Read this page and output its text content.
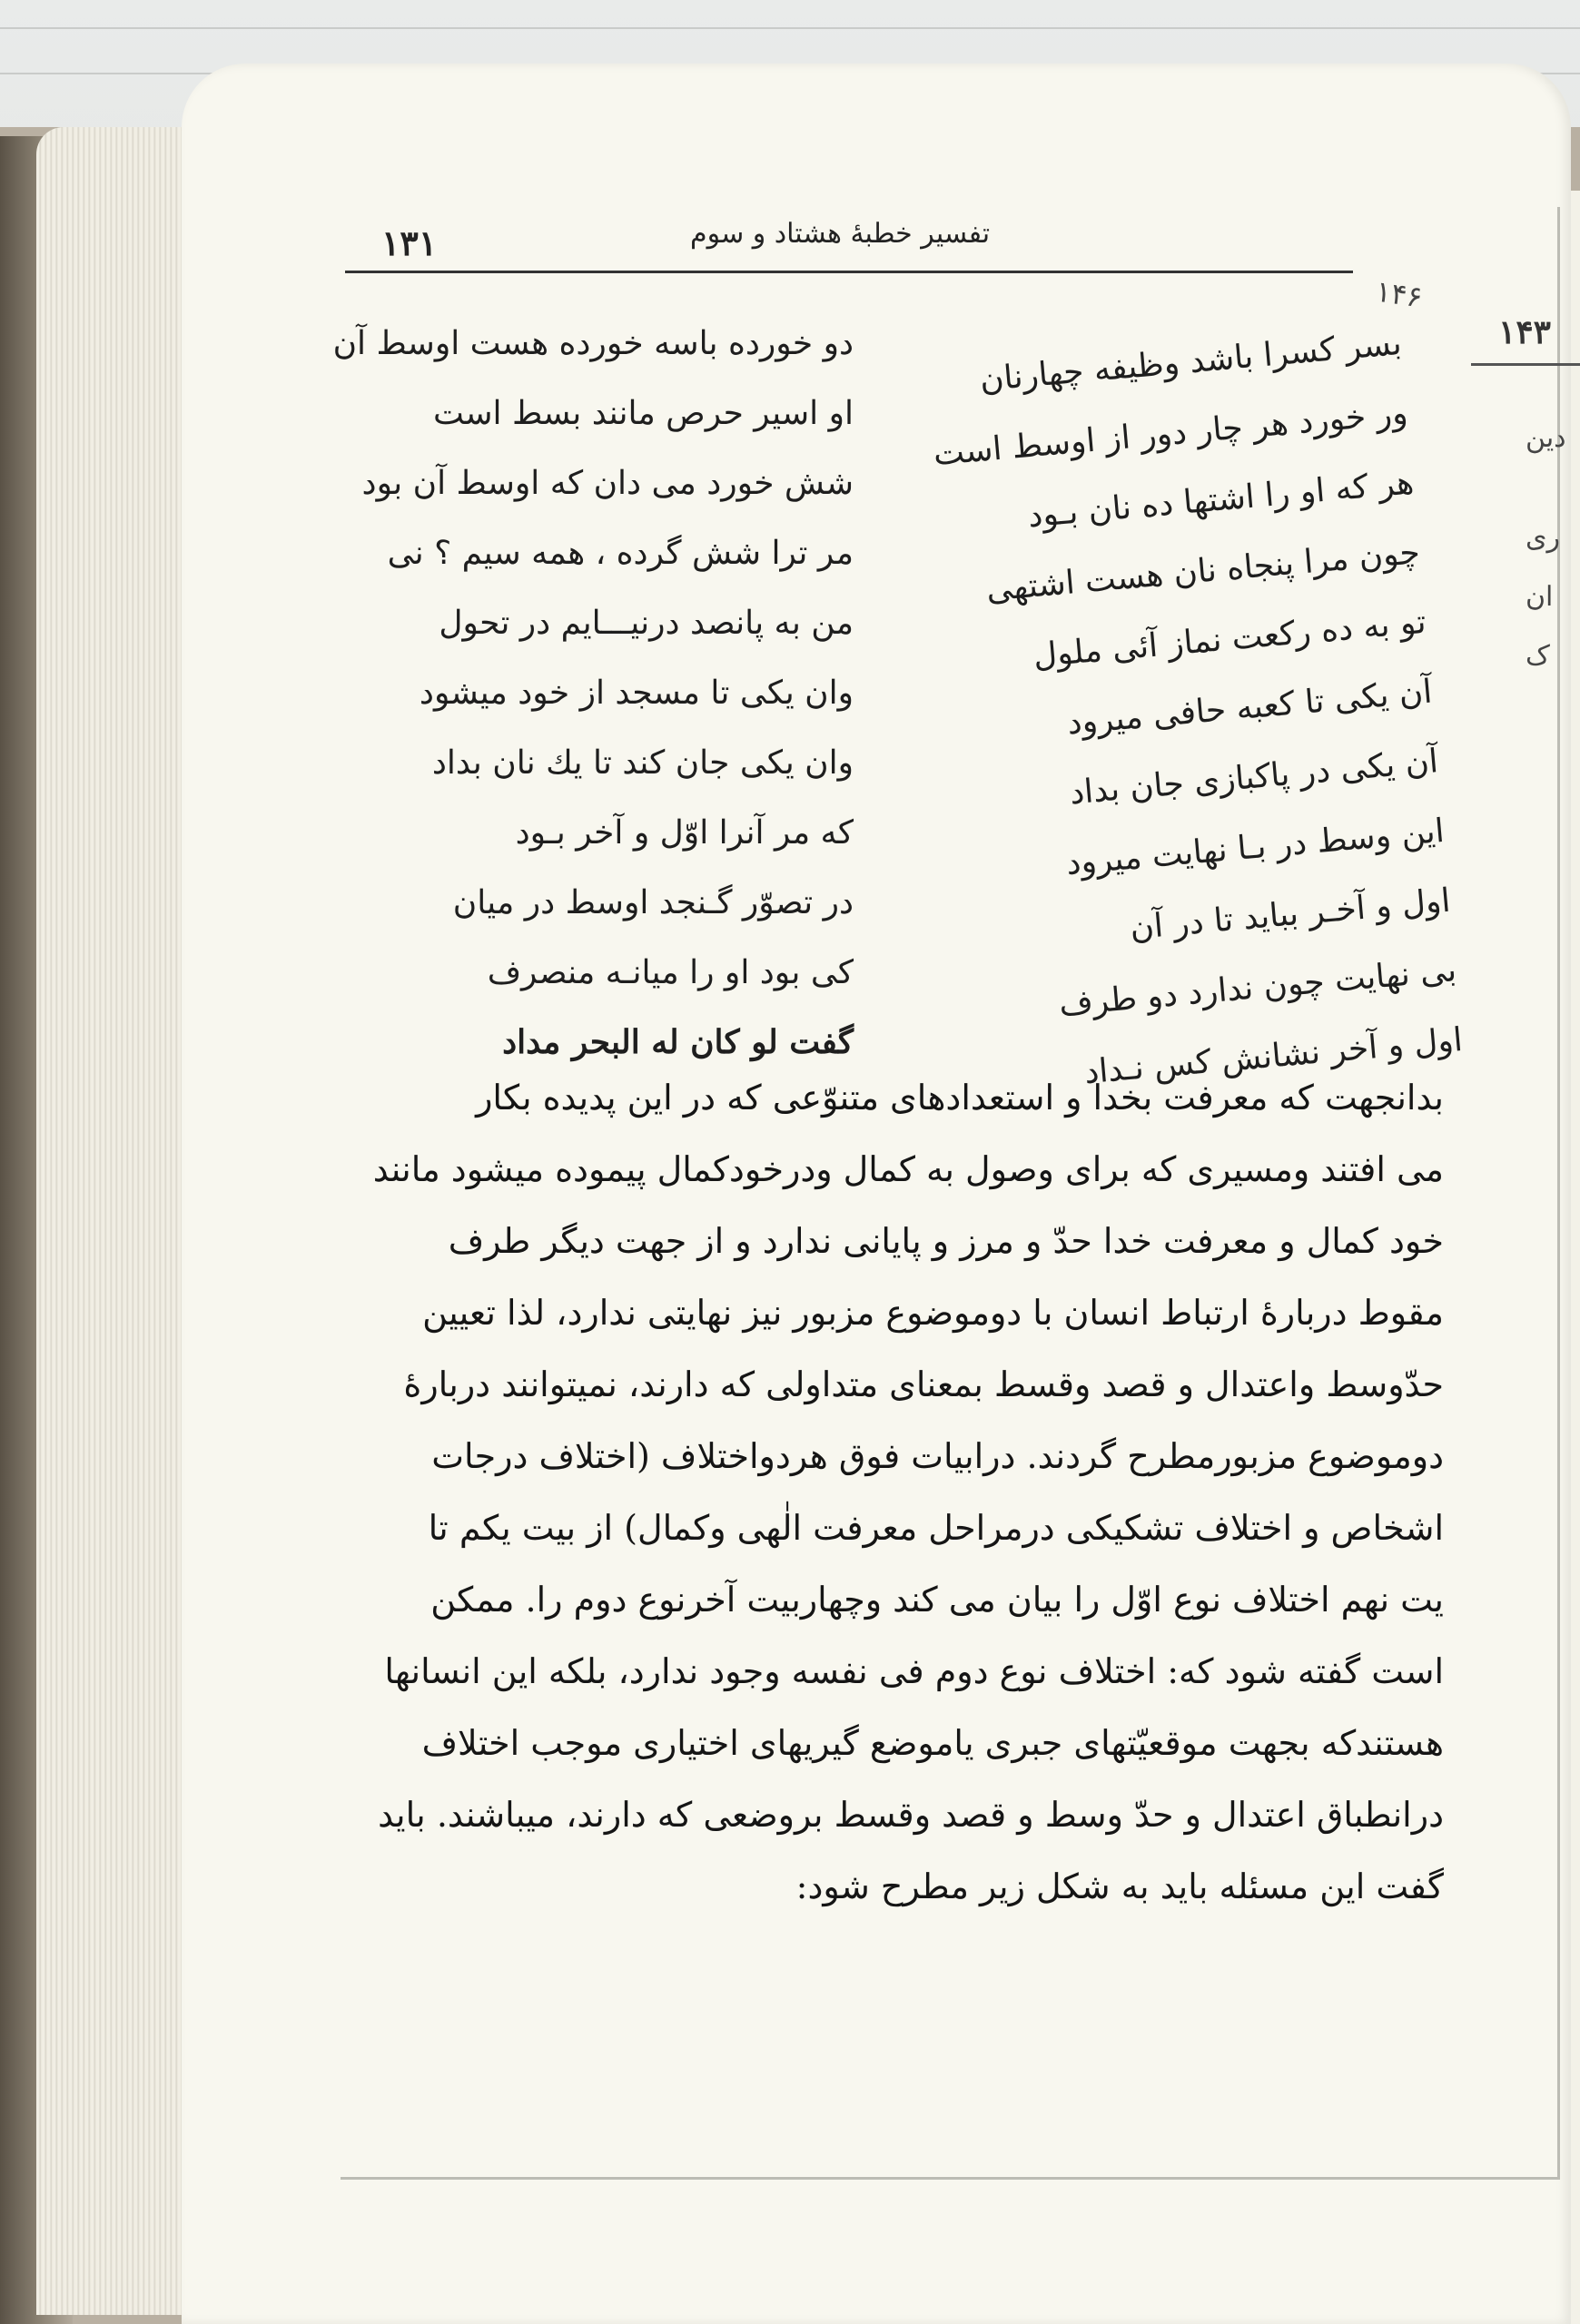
تفسير خطبهٔ هشتاد و سوم
۱۳۱
۱۴۶
۱۴۳
دين
ری
ان
ک
بسر کسرا باشد وظیفه چهارنان
ور خورد هر چار دور از اوسط است
هر که او را اشتها ده نان بـود
چون مرا پنجاه نان هست اشتهی
تو به ده رکعت نماز آئی ملول
آن یکی تا کعبه حافی میرود
آن یکی در پاکبازی جان بداد
این وسط در بـا نهایت میرود
اول و آخـر بباید تا در آن
بی نهایت چون ندارد دو طرف
اول و آخر نشانش کس نـداد
دو خورده باسه خورده هست اوسط آن
او اسیر حرص مانند بسط است
شش خورد می دان که اوسط آن بود
مر ترا شش گرده ، همه سیم ؟ نی
من به پانصد درنیـــایم در تحول
وان یکی تا مسجد از خود میشود
وان یکی جان کند تا یك نان بداد
که مر آنرا اوّل و آخر بـود
در تصوّر گـنجد اوسط در میان
کی بود او را میانـه منصرف
گفت لو کان له البحر مداد
بدانجهت که معرفت بخدا و استعدادهای متنوّعی که در این پدیده بکار
می افتند ومسیری که برای وصول به کمال ودرخودکمال پیموده میشود مانند
خود کمال و معرفت خدا حدّ و مرز و پایانی ندارد و از جهت دیگر طرف
مقوط دربارهٔ ارتباط انسان با دوموضوع مزبور نیز نهایتی ندارد، لذا تعیین
حدّوسط واعتدال و قصد وقسط بمعنای متداولی که دارند، نمیتوانند دربارهٔ
دوموضوع مزبورمطرح گردند. درابیات فوق هردواختلاف (اختلاف درجات
اشخاص و اختلاف تشکیکی درمراحل معرفت الٰهی وکمال) از بیت یکم تا
یت نهم اختلاف نوع اوّل را بیان می کند وچهاربیت آخرنوع دوم را. ممکن
است گفته شود که: اختلاف نوع دوم فی نفسه وجود ندارد، بلکه این انسانها
هستندکه بجهت موقعیّتهای جبری یاموضع گیریهای اختیاری موجب اختلاف
درانطباق اعتدال و حدّ وسط و قصد وقسط بروضعی که دارند، میباشند. باید
گفت این مسئله باید به شکل زیر مطرح شود:
